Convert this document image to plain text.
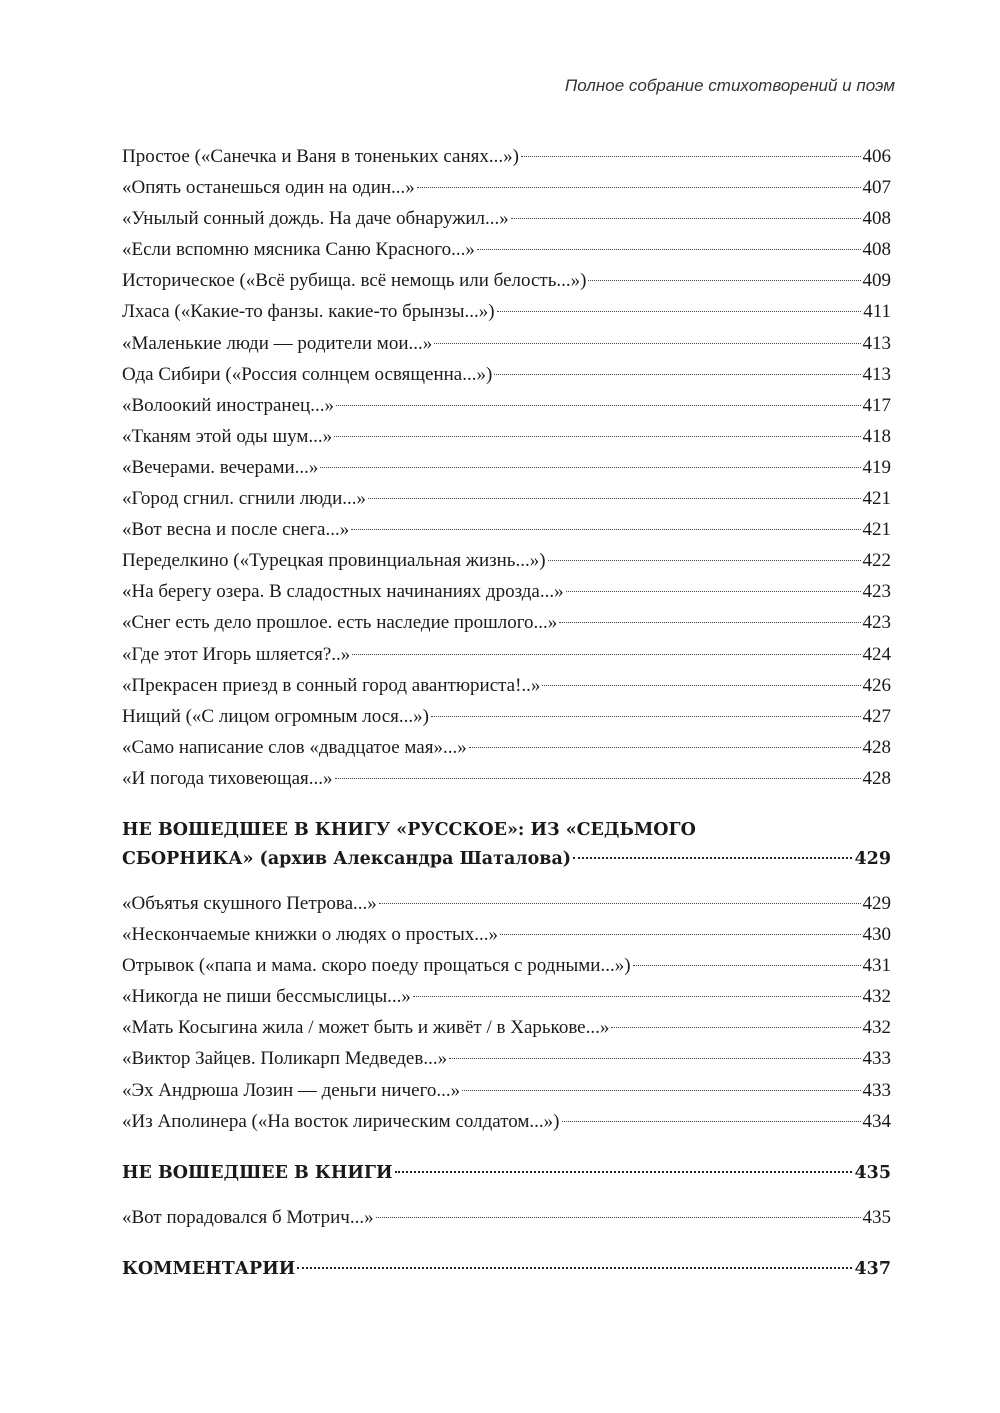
Полное собрание стихотворений и поэм
Простое («Санечка и Ваня в тоненьких санях...»)	406
«Опять останешься один на один...»	407
«Унылый сонный дождь. На даче обнаружил...»	408
«Если вспомню мясника Саню Красного...»	408
Историческое («Всё рубища. всё немощь или белость...»)	409
Лхаса («Какие-то фанзы. какие-то брынзы...»)	411
«Маленькие люди — родители мои...»	413
Ода Сибири («Россия солнцем освященна...»)	413
«Волоокий иностранец...»	417
«Тканям этой оды шум...»	418
«Вечерами. вечерами...»	419
«Город сгнил. сгнили люди...»	421
«Вот весна и после снега...»	421
Переделкино («Турецкая провинциальная жизнь...»)	422
«На берегу озера. В сладостных начинаниях дрозда...»	423
«Снег есть дело прошлое. есть наследие прошлого...»	423
«Где этот Игорь шляется?..»	424
«Прекрасен приезд в сонный город авантюриста!..»	426
Нищий («С лицом огромным лося...»)	427
«Само написание слов «двадцатое мая»...»	428
«И погода тиховеющая...»	428
НЕ ВОШЕДШЕЕ В КНИГУ «РУССКОЕ»: ИЗ «СЕДЬМОГО
СБОРНИКА» (архив Александра Шаталова)	429
«Объятья скушного Петрова...»	429
«Нескончаемые книжки о людях о простых...»	430
Отрывок («папа и мама. скоро поеду прощаться с родными...»)	431
«Никогда не пиши бессмыслицы...»	432
«Мать Косыгина жила / может быть и живёт / в Харькове...»	432
«Виктор Зайцев. Поликарп Медведев...»	433
«Эх Андрюша Лозин — деньги ничего...»	433
«Из Аполинера («На восток лирическим солдатом...»)	434
НЕ ВОШЕДШЕЕ В КНИГИ	435
«Вот порадовался б Мотрич...»	435
КОММЕНТАРИИ	437
